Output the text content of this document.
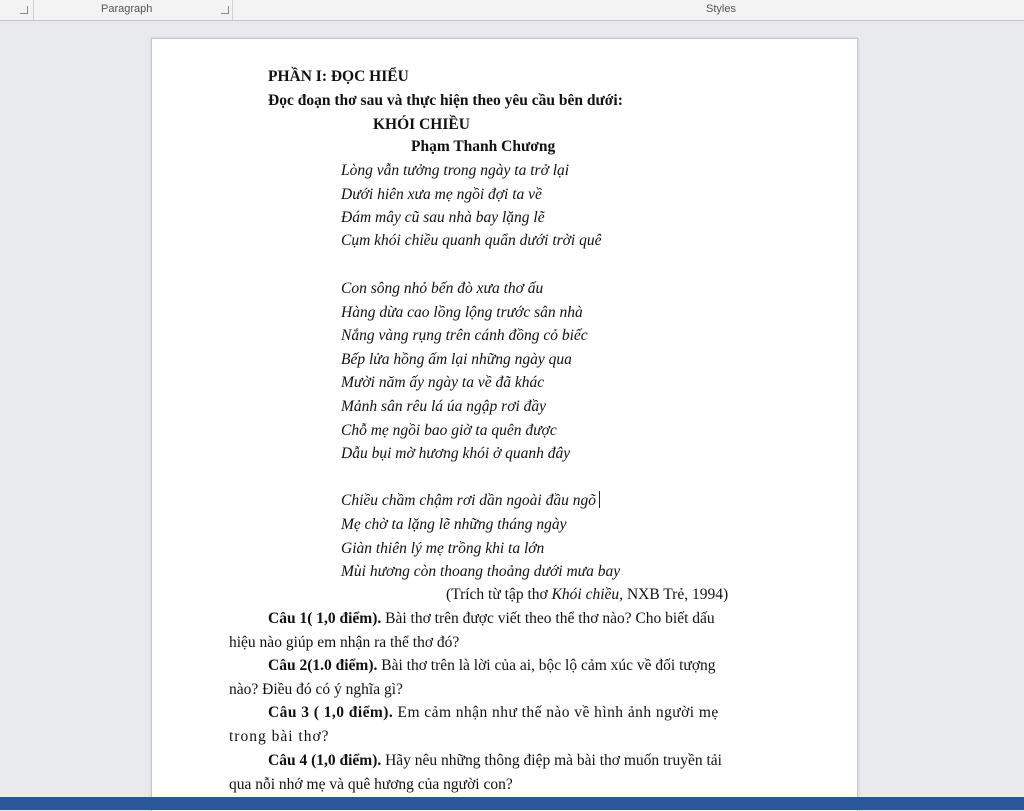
Paragraph	Styles
PHẦN I: ĐỌC HIỂU
Đọc đoạn thơ sau và thực hiện theo yêu cầu bên dưới:
KHÓI CHIỀU
Phạm Thanh Chương
Lòng vẫn tưởng trong ngày ta trở lại
Dưới hiên xưa mẹ ngồi đợi ta về
Đám mây cũ sau nhà bay lặng lẽ
Cụm khói chiều quanh quẩn dưới trời quê
Con sông nhỏ bến đò xưa thơ ấu
Hàng dừa cao lồng lộng trước sân nhà
Nắng vàng rụng trên cánh đồng cỏ biếc
Bếp lửa hồng ấm lại những ngày qua
Mười năm ấy ngày ta về đã khác
Mảnh sân rêu lá úa ngập rơi đầy
Chỗ mẹ ngồi bao giờ ta quên được
Dẫu bụi mờ hương khói ở quanh đây
Chiều chầm chậm rơi dần ngoài đầu ngõ
Mẹ chờ ta lặng lẽ những tháng ngày
Giàn thiên lý mẹ trồng khi ta lớn
Mùi hương còn thoang thoảng dưới mưa bay
(Trích từ tập thơ Khói chiều, NXB Trẻ, 1994)
Câu 1( 1,0 điểm). Bài thơ trên được viết theo thể thơ nào? Cho biết dấu
hiệu nào giúp em nhận ra thể thơ đó?
Câu 2(1.0 điểm). Bài thơ trên là lời của ai, bộc lộ cảm xúc về đối tượng
nào? Điều đó có ý nghĩa gì?
Câu 3 ( 1,0 điểm). Em cảm nhận như thế nào về hình ảnh người mẹ
trong bài thơ?
Câu 4 (1,0 điểm). Hãy nêu những thông điệp mà bài thơ muốn truyền tải
qua nỗi nhớ mẹ và quê hương của người con?
